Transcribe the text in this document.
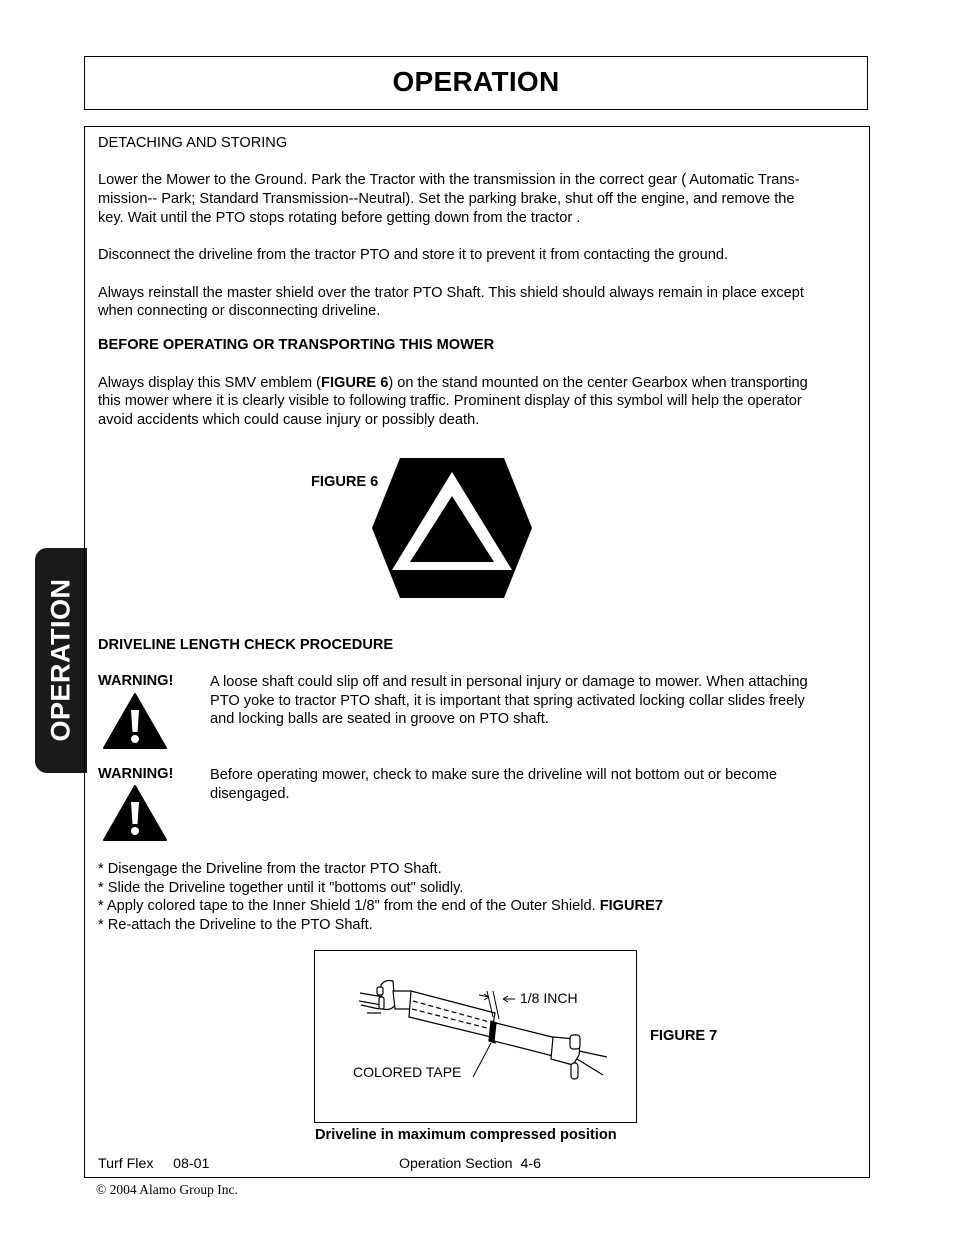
OPERATION
OPERATION

DETACHING AND STORING

Lower the Mower to the Ground. Park the Tractor with the transmission in the correct gear ( Automatic Trans-

mission-- Park; Standard Transmission--Neutral). Set the parking brake, shut off the engine, and remove the

key. Wait until the PTO stops rotating before getting down from the tractor .

Disconnect the driveline from the tractor PTO and store it to prevent it from contacting the ground.

Always reinstall the master shield over the trator PTO Shaft. This shield should always remain in place except

when connecting or disconnecting driveline.

BEFORE OPERATING OR TRANSPORTING THIS MOWER

Always display this SMV emblem (FIGURE 6) on the stand mounted on the center Gearbox when transporting

this mower where it is clearly visible to following traffic. Prominent display of this symbol will help the operator

avoid accidents which could cause injury or possibly death.

FIGURE 6

DRIVELINE LENGTH CHECK PROCEDURE

WARNING!	A loose shaft could slip off and result in personal injury or damage to mower. When attaching
PTO yoke to tractor PTO shaft, it is important that spring activated locking collar slides freely
and locking balls are seated in groove on PTO shaft.
WARNING!	Before operating mower, check to make sure the driveline will not bottom out or become
disengaged.
* Disengage the Driveline from the tractor PTO Shaft.
* Slide the Driveline together until it "bottoms out" solidly.
* Apply colored tape to the Inner Shield 1/8" from the end of the Outer Shield. FIGURE7
* Re-attach the Driveline to the PTO Shaft.
1/8 INCH
COLORED TAPE
FIGURE 7
Driveline in maximum compressed position
Turf Flex     08-01	Operation Section  4-6
© 2004 Alamo Group Inc.
